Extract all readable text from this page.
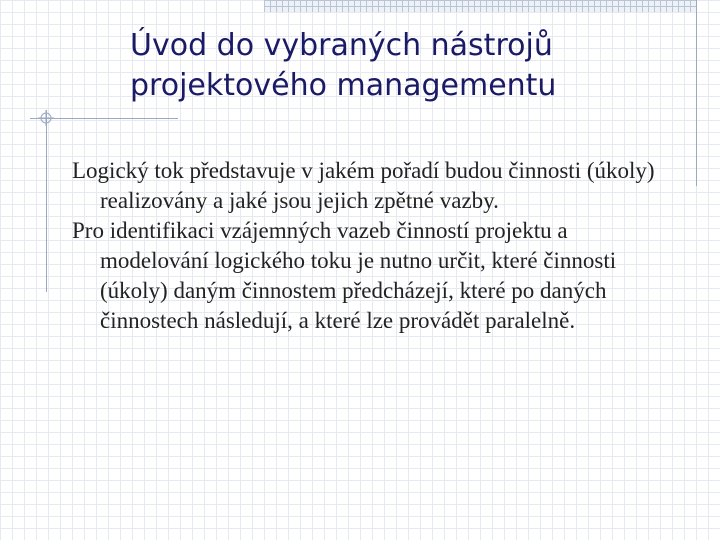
Úvod do vybraných nástrojů
projektového managementu

Logický tok představuje v jakém pořadí budou činnosti (úkoly) realizovány a jaké jsou jejich zpětné vazby.

Pro identifikaci vzájemných vazeb činností projektu a modelování logického toku je nutno určit, které činnosti (úkoly) daným činnostem předcházejí, které po daných činnostech následují, a které lze provádět paralelně.
